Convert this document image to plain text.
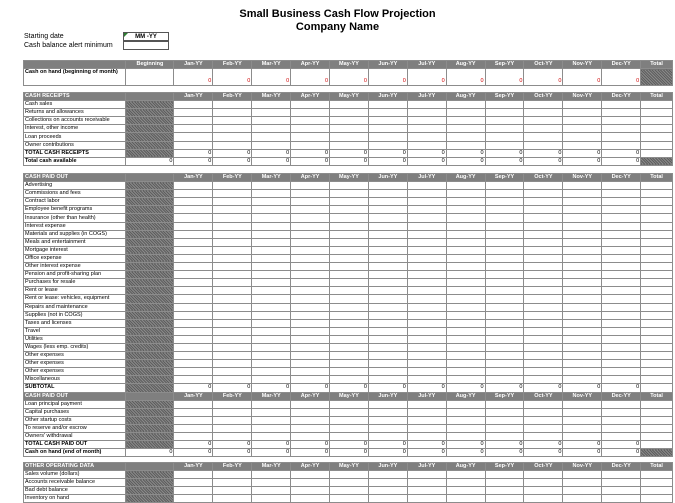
Small Business Cash Flow Projection
Company Name
Starting date
Cash balance alert minimum
MM -YY
	Beginning	Jan-YY	Feb-YY	Mar-YY	Apr-YY	May-YY	Jun-YY	Jul-YY	Aug-YY	Sep-YY	Oct-YY	Nov-YY	Dec-YY	Total
Cash on hand (beginning of month)		0	0	0	0	0	0	0	0	0	0	0	0	
CASH RECEIPTS		Jan-YY	Feb-YY	Mar-YY	Apr-YY	May-YY	Jun-YY	Jul-YY	Aug-YY	Sep-YY	Oct-YY	Nov-YY	Dec-YY	Total
Cash sales														
Returns and allowances														
Collections on accounts receivable														
Interest, other income														
Loan proceeds														
Owner contributions														
TOTAL CASH RECEIPTS		0	0	0	0	0	0	0	0	0	0	0	0	
Total cash available	0	0	0	0	0	0	0	0	0	0	0	0	0	
CASH PAID OUT		Jan-YY	Feb-YY	Mar-YY	Apr-YY	May-YY	Jun-YY	Jul-YY	Aug-YY	Sep-YY	Oct-YY	Nov-YY	Dec-YY	Total
Advertising														
Commissions and fees														
Contract labor														
Employee benefit programs														
Insurance (other than health)														
Interest expense														
Materials and supplies (in COGS)														
Meals and entertainment														
Mortgage interest														
Office expense														
Other interest expense														
Pension and profit-sharing plan														
Purchases for resale														
Rent or lease														
Rent or lease: vehicles, equipment														
Repairs and maintenance														
Supplies (not in COGS)														
Taxes and licenses														
Travel														
Utilities														
Wages (less emp. credits)														
Other expenses														
Other expenses														
Other expenses														
Miscellaneous														
SUBTOTAL		0	0	0	0	0	0	0	0	0	0	0	0	
CASH PAID OUT		Jan-YY	Feb-YY	Mar-YY	Apr-YY	May-YY	Jun-YY	Jul-YY	Aug-YY	Sep-YY	Oct-YY	Nov-YY	Dec-YY	Total
Loan principal payment														
Capital purchases														
Other startup costs														
To reserve and/or escrow														
Owners' withdrawal														
TOTAL CASH PAID OUT		0	0	0	0	0	0	0	0	0	0	0	0	
Cash on hand (end of month)	0	0	0	0	0	0	0	0	0	0	0	0	0	
OTHER OPERATING DATA		Jan-YY	Feb-YY	Mar-YY	Apr-YY	May-YY	Jun-YY	Jul-YY	Aug-YY	Sep-YY	Oct-YY	Nov-YY	Dec-YY	Total
Sales volume (dollars)														
Accounts receivable balance														
Bad debt balance														
Inventory on hand														
